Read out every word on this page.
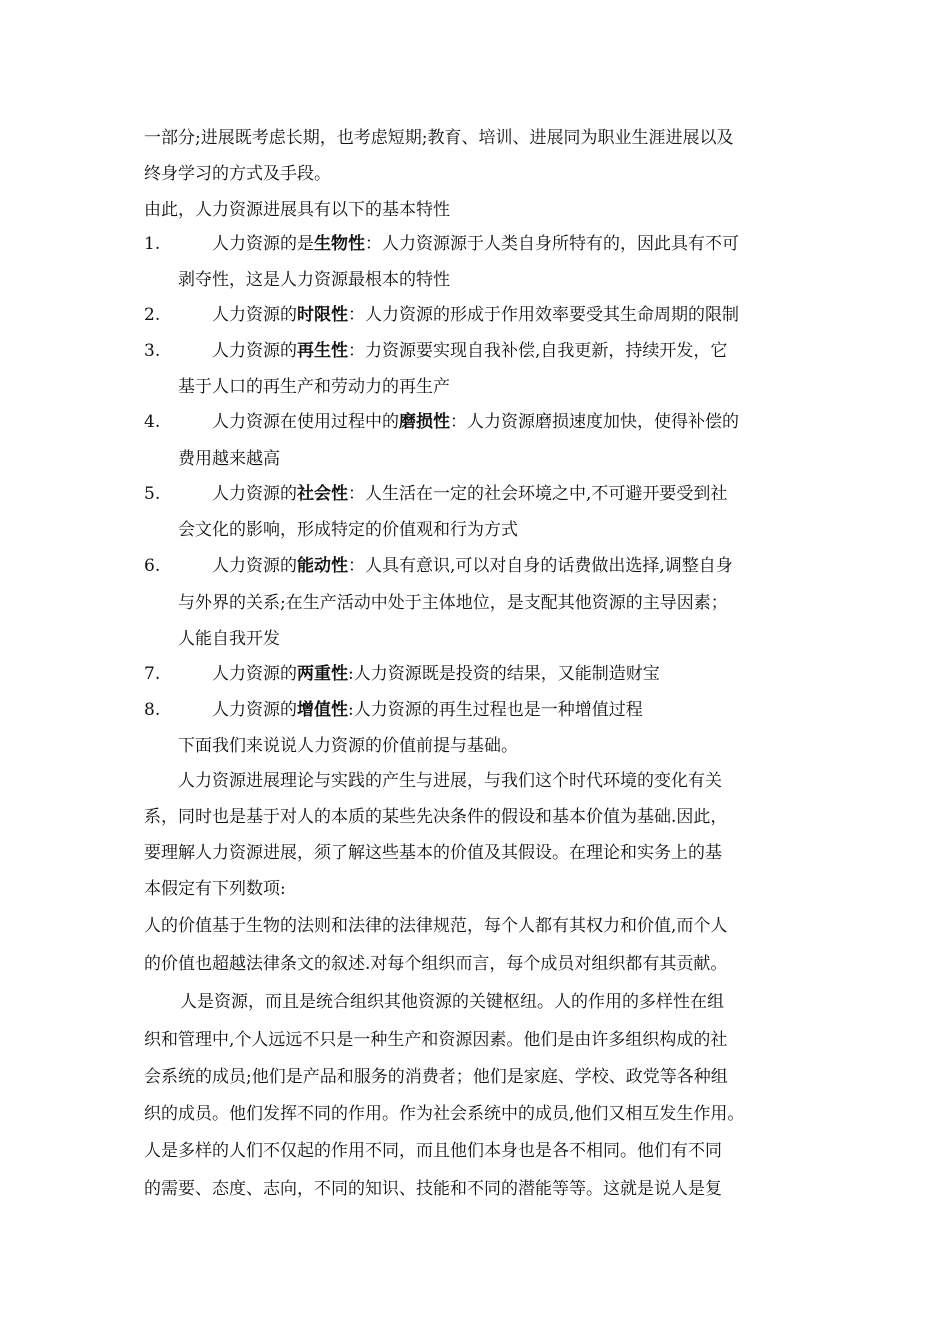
一部分;进展既考虑长期，也考虑短期;教育、培训、进展同为职业生涯进展以及
终身学习的方式及手段。
由此，人力资源进展具有以下的基本特性
1.	人力资源的是生物性：人力资源源于人类自身所特有的，因此具有不可
剥夺性，这是人力资源最根本的特性
2.	人力资源的时限性：人力资源的形成于作用效率要受其生命周期的限制
3.	人力资源的再生性：力资源要实现自我补偿,自我更新，持续开发，它
基于人口的再生产和劳动力的再生产
4.	人力资源在使用过程中的磨损性：人力资源磨损速度加快，使得补偿的
费用越来越高
5.	人力资源的社会性：人生活在一定的社会环境之中,不可避开要受到社
会文化的影响，形成特定的价值观和行为方式
6.	人力资源的能动性：人具有意识,可以对自身的话费做出选择,调整自身
与外界的关系;在生产活动中处于主体地位，是支配其他资源的主导因素；
人能自我开发
7.	人力资源的两重性:人力资源既是投资的结果，又能制造财宝
8.	人力资源的增值性:人力资源的再生过程也是一种增值过程
下面我们来说说人力资源的价值前提与基础。
人力资源进展理论与实践的产生与进展，与我们这个时代环境的变化有关
系，同时也是基于对人的本质的某些先决条件的假设和基本价值为基础.因此，
要理解人力资源进展，须了解这些基本的价值及其假设。在理论和实务上的基
本假定有下列数项:
人的价值基于生物的法则和法律的法律规范，每个人都有其权力和价值,而个人
的价值也超越法律条文的叙述.对每个组织而言，每个成员对组织都有其贡献。
人是资源，而且是统合组织其他资源的关键枢纽。人的作用的多样性在组
织和管理中,个人远远不只是一种生产和资源因素。他们是由许多组织构成的社
会系统的成员;他们是产品和服务的消费者；他们是家庭、学校、政党等各种组
织的成员。他们发挥不同的作用。作为社会系统中的成员,他们又相互发生作用。
人是多样的人们不仅起的作用不同，而且他们本身也是各不相同。他们有不同
的需要、态度、志向，不同的知识、技能和不同的潜能等等。这就是说人是复
